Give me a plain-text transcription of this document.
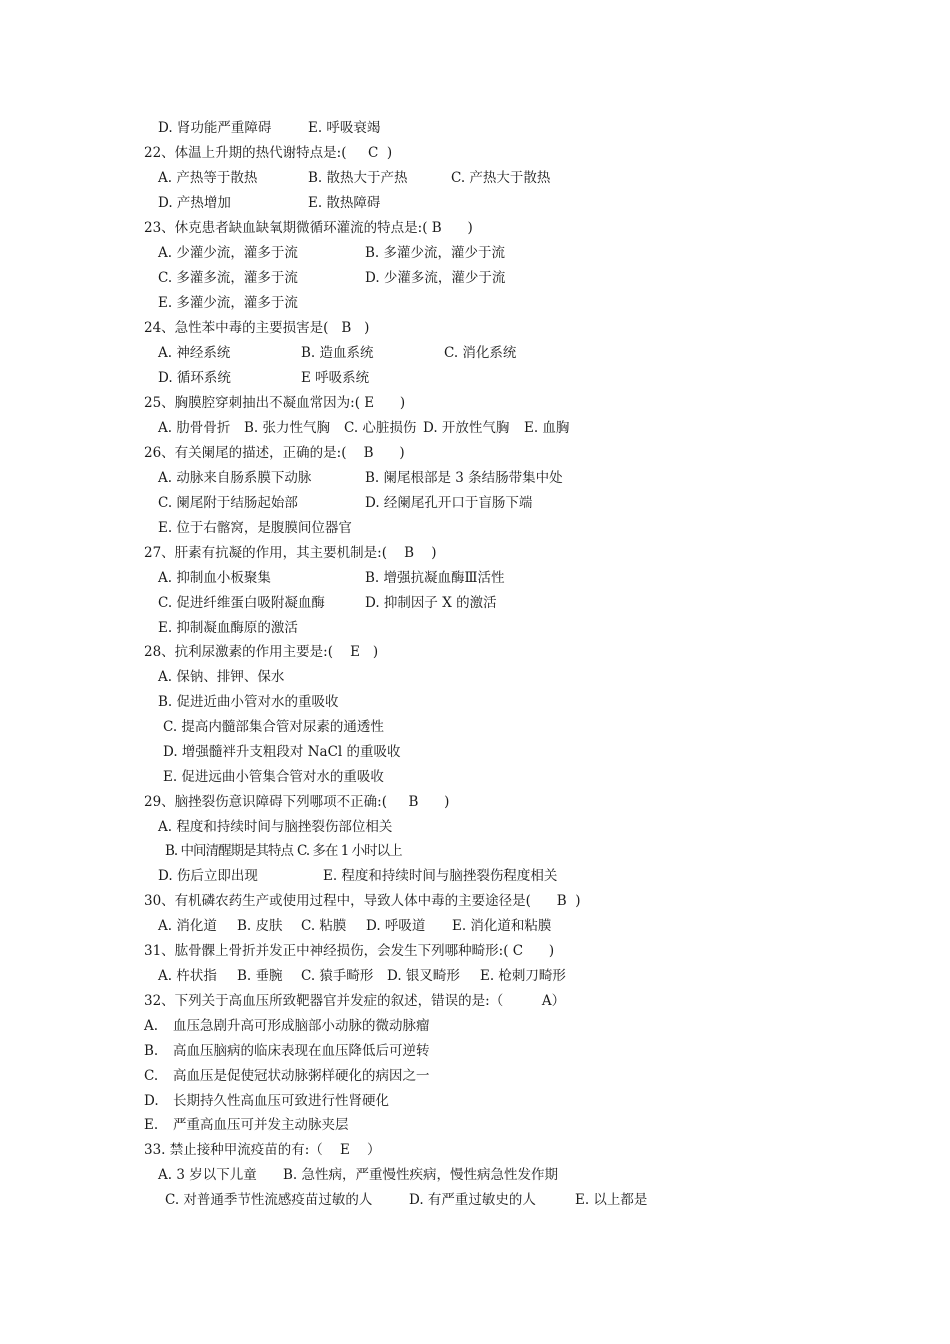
D. 肾功能严重障碍

	E. 呼吸衰竭

22、体温上升期的热代谢特点是:(     C  )

A. 产热等于散热

	B. 散热大于产热

	C. 产热大于散热

D. 产热增加

	E. 散热障碍

23、休克患者缺血缺氧期微循环灌流的特点是:( B      )

A. 少灌少流，灌多于流

	B. 多灌少流，灌少于流

C. 多灌多流，灌多于流

	D. 少灌多流，灌少于流

E. 多灌少流，灌多于流

24、急性苯中毒的主要损害是(   B   )

A. 神经系统

	B. 造血系统

	C. 消化系统

D. 循环系统

	E 呼吸系统

25、胸膜腔穿刺抽出不凝血常因为:( E      )

A. 肋骨骨折

B. 张力性气胸

C. 心脏损伤

D. 开放性气胸

E. 血胸

26、有关阑尾的描述，正确的是:(    B      )

A. 动脉来自肠系膜下动脉

	B. 阑尾根部是 3 条结肠带集中处

C. 阑尾附于结肠起始部

	D. 经阑尾孔开口于盲肠下端

E. 位于右髂窝，是腹膜间位器官

27、肝素有抗凝的作用，其主要机制是:(    B    )

A. 抑制血小板聚集

	B. 增强抗凝血酶Ⅲ活性

C. 促进纤维蛋白吸附凝血酶

	D. 抑制因子 X 的激活

E. 抑制凝血酶原的激活

28、抗利尿激素的作用主要是:(    E   )

A. 保钠、排钾、保水

B. 促进近曲小管对水的重吸收

C. 提高内髓部集合管对尿素的通透性

D. 增强髓袢升支粗段对 NaCl 的重吸收

E. 促进远曲小管集合管对水的重吸收

29、脑挫裂伤意识障碍下列哪项不正确:(     B      )

A. 程度和持续时间与脑挫裂伤部位相关

B. 中间清醒期是其特点

C. 多在 1 小时以上

D. 伤后立即出现

	E. 程度和持续时间与脑挫裂伤程度相关

30、有机磷农药生产或使用过程中，导致人体中毒的主要途径是(      B  )

A. 消化道

B. 皮肤

C. 粘膜

D. 呼吸道

E. 消化道和粘膜

31、肱骨髁上骨折并发正中神经损伤，会发生下列哪种畸形:( C      )

A. 杵状指

B. 垂腕

C. 猿手畸形

D. 银叉畸形

E. 枪刺刀畸形

32、下列关于高血压所致靶器官并发症的叙述，错误的是:（         A）

A.

血压急剧升高可形成脑部小动脉的微动脉瘤

B.

高血压脑病的临床表现在血压降低后可逆转

C.

高血压是促使冠状动脉粥样硬化的病因之一

D.

长期持久性高血压可致进行性肾硬化

E.

严重高血压可并发主动脉夹层

33. 禁止接种甲流疫苗的有:（    E    ）

A. 3 岁以下儿童

B. 急性病，严重慢性疾病，慢性病急性发作期

C. 对普通季节性流感疫苗过敏的人

	D. 有严重过敏史的人

	E. 以上都是
